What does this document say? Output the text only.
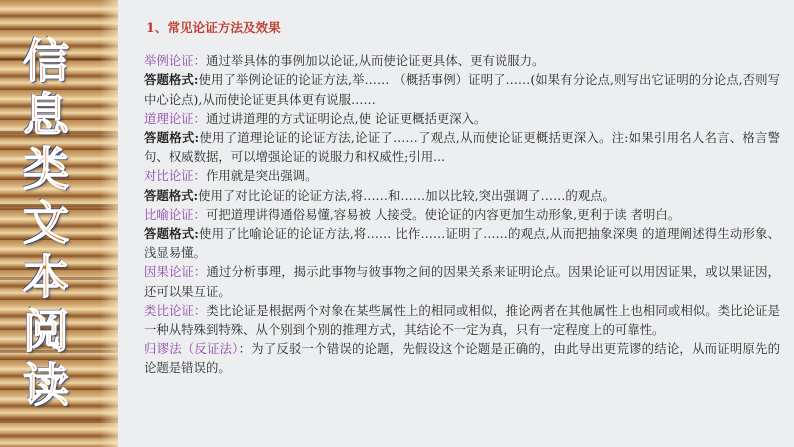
信
息
类
文
本
阅
读
1、常见论证方法及效果

举例论证：通过举具体的事例加以论证,从而使论证更具体、更有说服力。

答题格式:使用了举例论证的论证方法,举…… （概括事例）证明了……(如果有分论点,则写出它证明的分论点,否则写中心论点),从而使论证更具体更有说服……

道理论证：通过讲道理的方式证明论点,使 论证更概括更深入。

答题格式:使用了道理论证的论证方法,论证了……了观点,从而使论证更概括更深入。注:如果引用名人名言、格言警句、权威数据，可以增强论证的说服力和权威性;引用...

对比论证：作用就是突出强调。

答题格式:使用了对比论证的论证方法,将……和……加以比较,突出强调了……的观点。

比喻论证：可把道理讲得通俗易懂,容易被 人接受。使论证的内容更加生动形象,更利于读 者明白。

答题格式:使用了比喻论证的论证方法,将…… 比作……证明了……的观点,从而把抽象深奥 的道理阐述得生动形象、浅显易懂。

因果论证：通过分析事理，揭示此事物与彼事物之间的因果关系来证明论点。因果论证可以用因证果，或以果证因，还可以果互证。

类比论证：类比论证是根据两个对象在某些属性上的相同或相似，推论两者在其他属性上也相同或相似。类比论证是一种从特殊到特殊、从个别到个别的推理方式，其结论不一定为真，只有一定程度上的可靠性。

归谬法（反证法）：为了反驳一个错误的论题，先假设这个论题是正确的，由此导出更荒谬的结论，从而证明原先的论题是错误的。
